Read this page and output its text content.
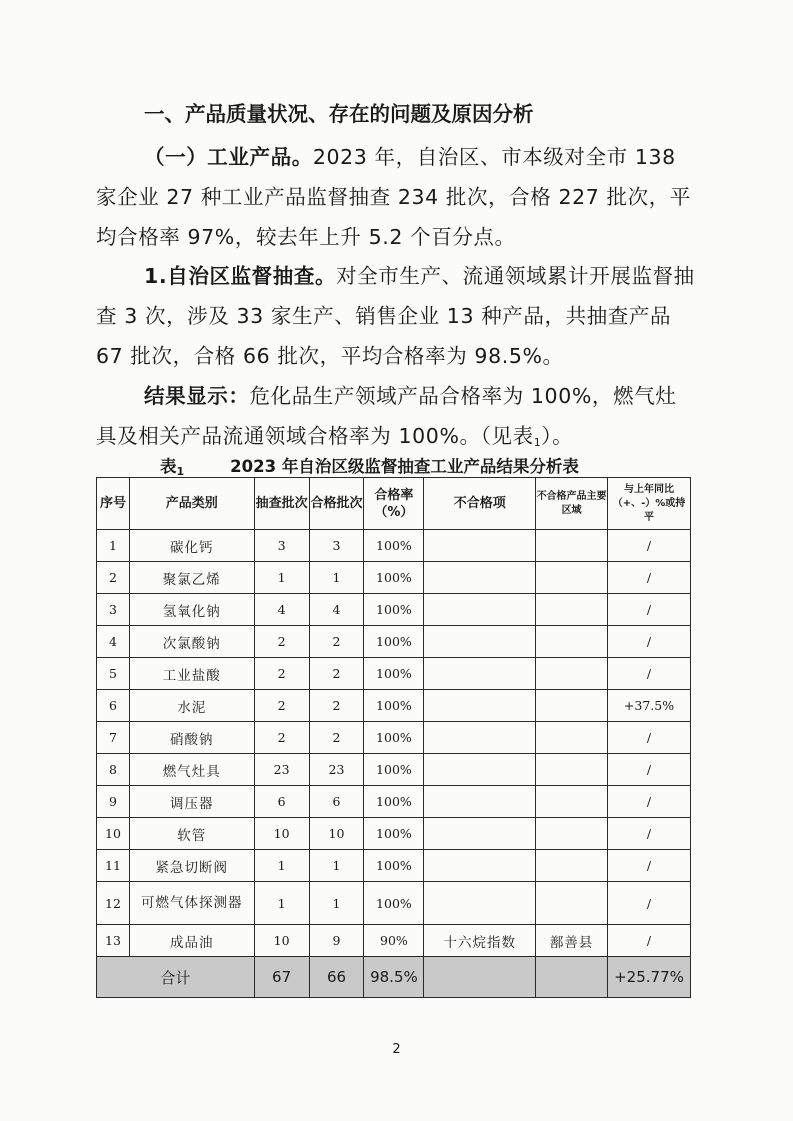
一、产品质量状况、存在的问题及原因分析

（一）工业产品。2023 年，自治区、市本级对全市 138 家企业 27 种工业产品监督抽查 234 批次，合格 227 批次，平均合格率 97%，较去年上升 5.2 个百分点。

1.自治区监督抽查。对全市生产、流通领域累计开展监督抽查 3 次，涉及 33 家生产、销售企业 13 种产品，共抽查产品 67 批次，合格 66 批次，平均合格率为 98.5%。

结果显示：危化品生产领域产品合格率为 100%，燃气灶具及相关产品流通领域合格率为 100%。（见表$_1$）。

表$_1$	2023 年自治区级监督抽查工业产品结果分析表
序号	产品类别	抽查批次	合格批次	合格率（%）	不合格项	不合格产品主要区域	与上年同比（+、-）%或持平
1	碳化钙	3	3	100%			/
2	聚氯乙烯	1	1	100%			/
3	氢氧化钠	4	4	100%			/
4	次氯酸钠	2	2	100%			/
5	工业盐酸	2	2	100%			/
6	水泥	2	2	100%			+37.5%
7	硝酸钠	2	2	100%			/
8	燃气灶具	23	23	100%			/
9	调压器	6	6	100%			/
10	软管	10	10	100%			/
11	紧急切断阀	1	1	100%			/
12	可燃气体探测器	1	1	100%			/
13	成品油	10	9	90%	十六烷指数	鄯善县	/
合计		67	66	98.5%			+25.77%
2
